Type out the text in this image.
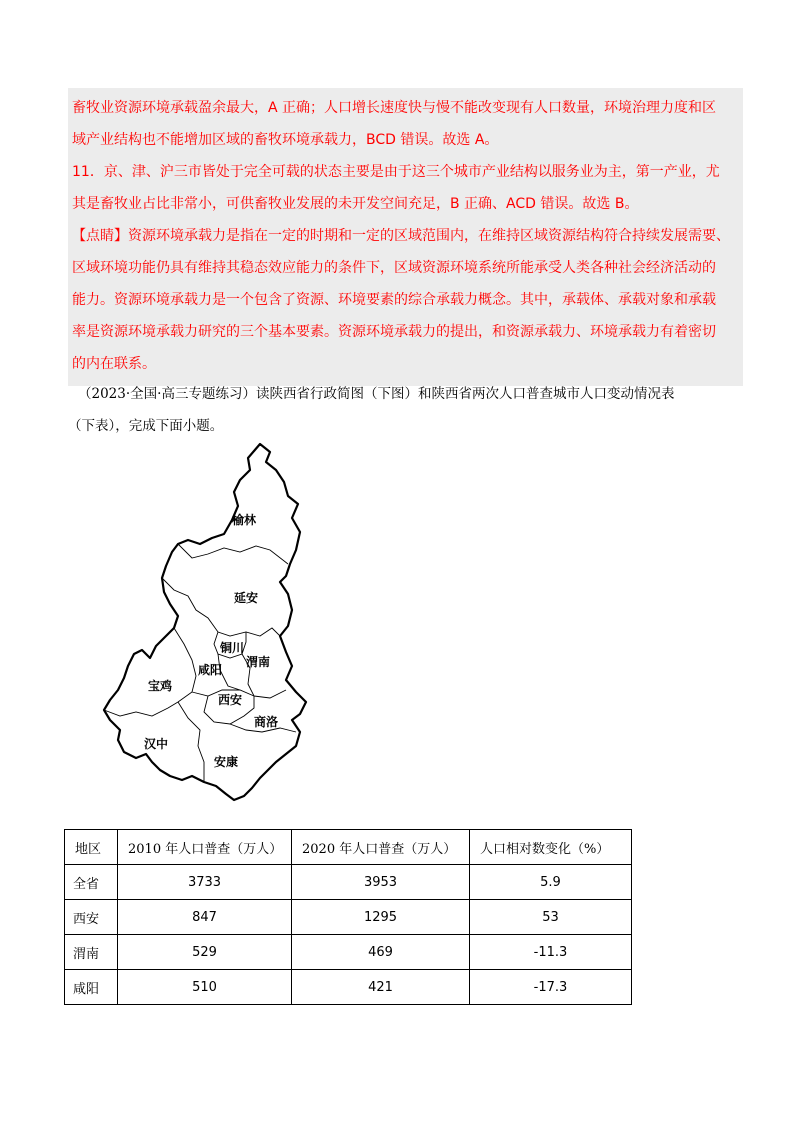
畜牧业资源环境承载盈余最大，A 正确；人口增长速度快与慢不能改变现有人口数量，环境治理力度和区

域产业结构也不能增加区域的畜牧环境承载力，BCD 错误。故选 A。

11．京、津、沪三市皆处于完全可载的状态主要是由于这三个城市产业结构以服务业为主，第一产业，尤

其是畜牧业占比非常小，可供畜牧业发展的未开发空间充足，B 正确、ACD 错误。故选 B。

【点睛】资源环境承载力是指在一定的时期和一定的区域范围内，在维持区域资源结构符合持续发展需要、

区域环境功能仍具有维持其稳态效应能力的条件下，区域资源环境系统所能承受人类各种社会经济活动的

能力。资源环境承载力是一个包含了资源、环境要素的综合承载力概念。其中，承载体、承载对象和承载

率是资源环境承载力研究的三个基本要素。资源环境承载力的提出，和资源承载力、环境承载力有着密切

的内在联系。

（2023·全国·高三专题练习）读陕西省行政简图（下图）和陕西省两次人口普查城市人口变动情况表

（下表），完成下面小题。

榆林
延安
铜川
渭南
咸阳
宝鸡
西安
商洛
汉中
安康
地区	2010 年人口普查（万人）	2020 年人口普查（万人）	人口相对数变化（%）
全省	3733	3953	5.9
西安	847	1295	53
渭南	529	469	-11.3
咸阳	510	421	-17.3
